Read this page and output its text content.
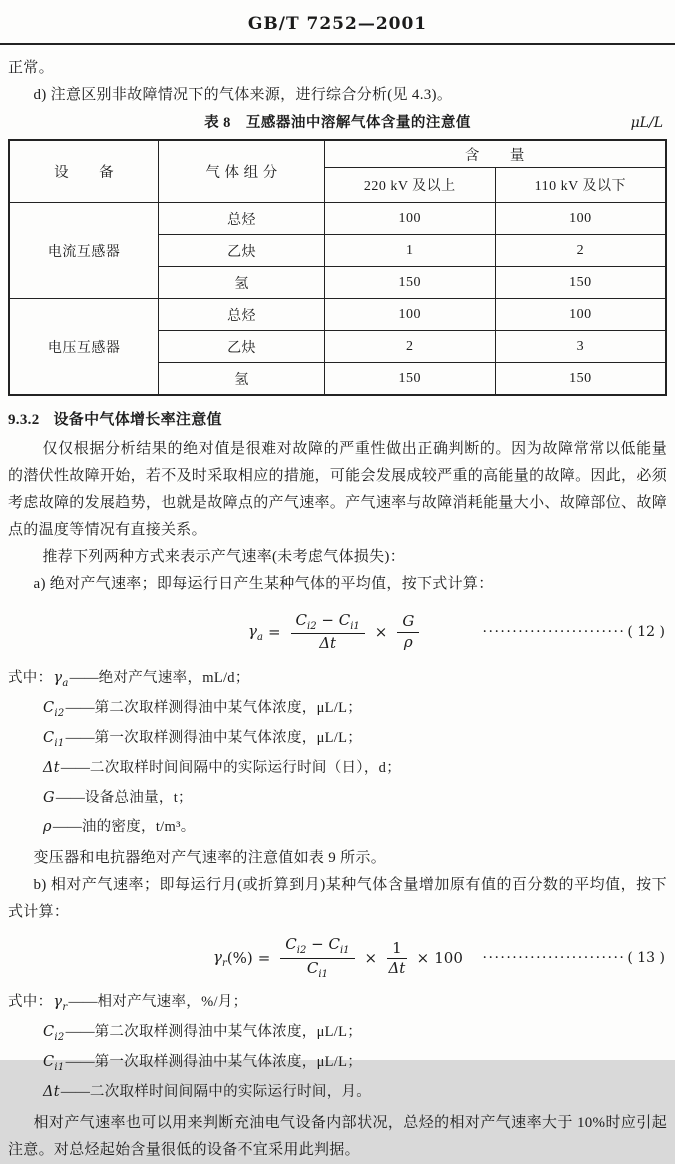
GB/T 7252—2001

正常。

d) 注意区别非故障情况下的气体来源，进行综合分析(见 4.3)。

表 8　互感器油中溶解气体含量的注意值	μL/L
设　　备	气 体 组 分	含　　量	
		220 kV 及以上	110 kV 及以下
电流互感器	总烃	100	100
	乙炔	1	2
	氢	150	150
电压互感器	总烃	100	100
	乙炔	2	3
	氢	150	150
9.3.2 设备中气体增长率注意值

仅仅根据分析结果的绝对值是很难对故障的严重性做出正确判断的。因为故障常常以低能量的潜伏性故障开始，若不及时采取相应的措施，可能会发展成较严重的高能量的故障。因此，必须考虑故障的发展趋势，也就是故障点的产气速率。产气速率与故障消耗能量大小、故障部位、故障点的温度等情况有直接关系。

推荐下列两种方式来表示产气速率(未考虑气体损失)：

a) 绝对产气速率；即每运行日产生某种气体的平均值，按下式计算：

$\gamma_a = \frac{C_{i2} - C_{i1}}{\Delta t} \times \frac{G}{\rho}$	························ ( 12 )
式中：$\gamma_a——$绝对产气速率，mL/d；
$C_{i2}——$第二次取样测得油中某气体浓度，μL/L；
$C_{i1}——$第一次取样测得油中某气体浓度，μL/L；
Δt——二次取样时间间隔中的实际运行时间（日），d；
G——设备总油量，t；
ρ——油的密度，t/m³。

变压器和电抗器绝对产气速率的注意值如表 9 所示。

b) 相对产气速率；即每运行月(或折算到月)某种气体含量增加原有值的百分数的平均值，按下式计算：

$\gamma_r$ (%) = $\frac{C_{i2} - C_{i1}}{C_{i1}} \times \frac{1}{\Delta t} \times 100$	························ ( 13 )
式中：$\gamma_r——$相对产气速率，%/月；
$C_{i2}——$第二次取样测得油中某气体浓度，μL/L；
$C_{i1}——$第一次取样测得油中某气体浓度，μL/L；
Δt——二次取样时间间隔中的实际运行时间，月。

相对产气速率也可以用来判断充油电气设备内部状况，总烃的相对产气速率大于 10%时应引起注意。对总烃起始含量很低的设备不宜采用此判据。
